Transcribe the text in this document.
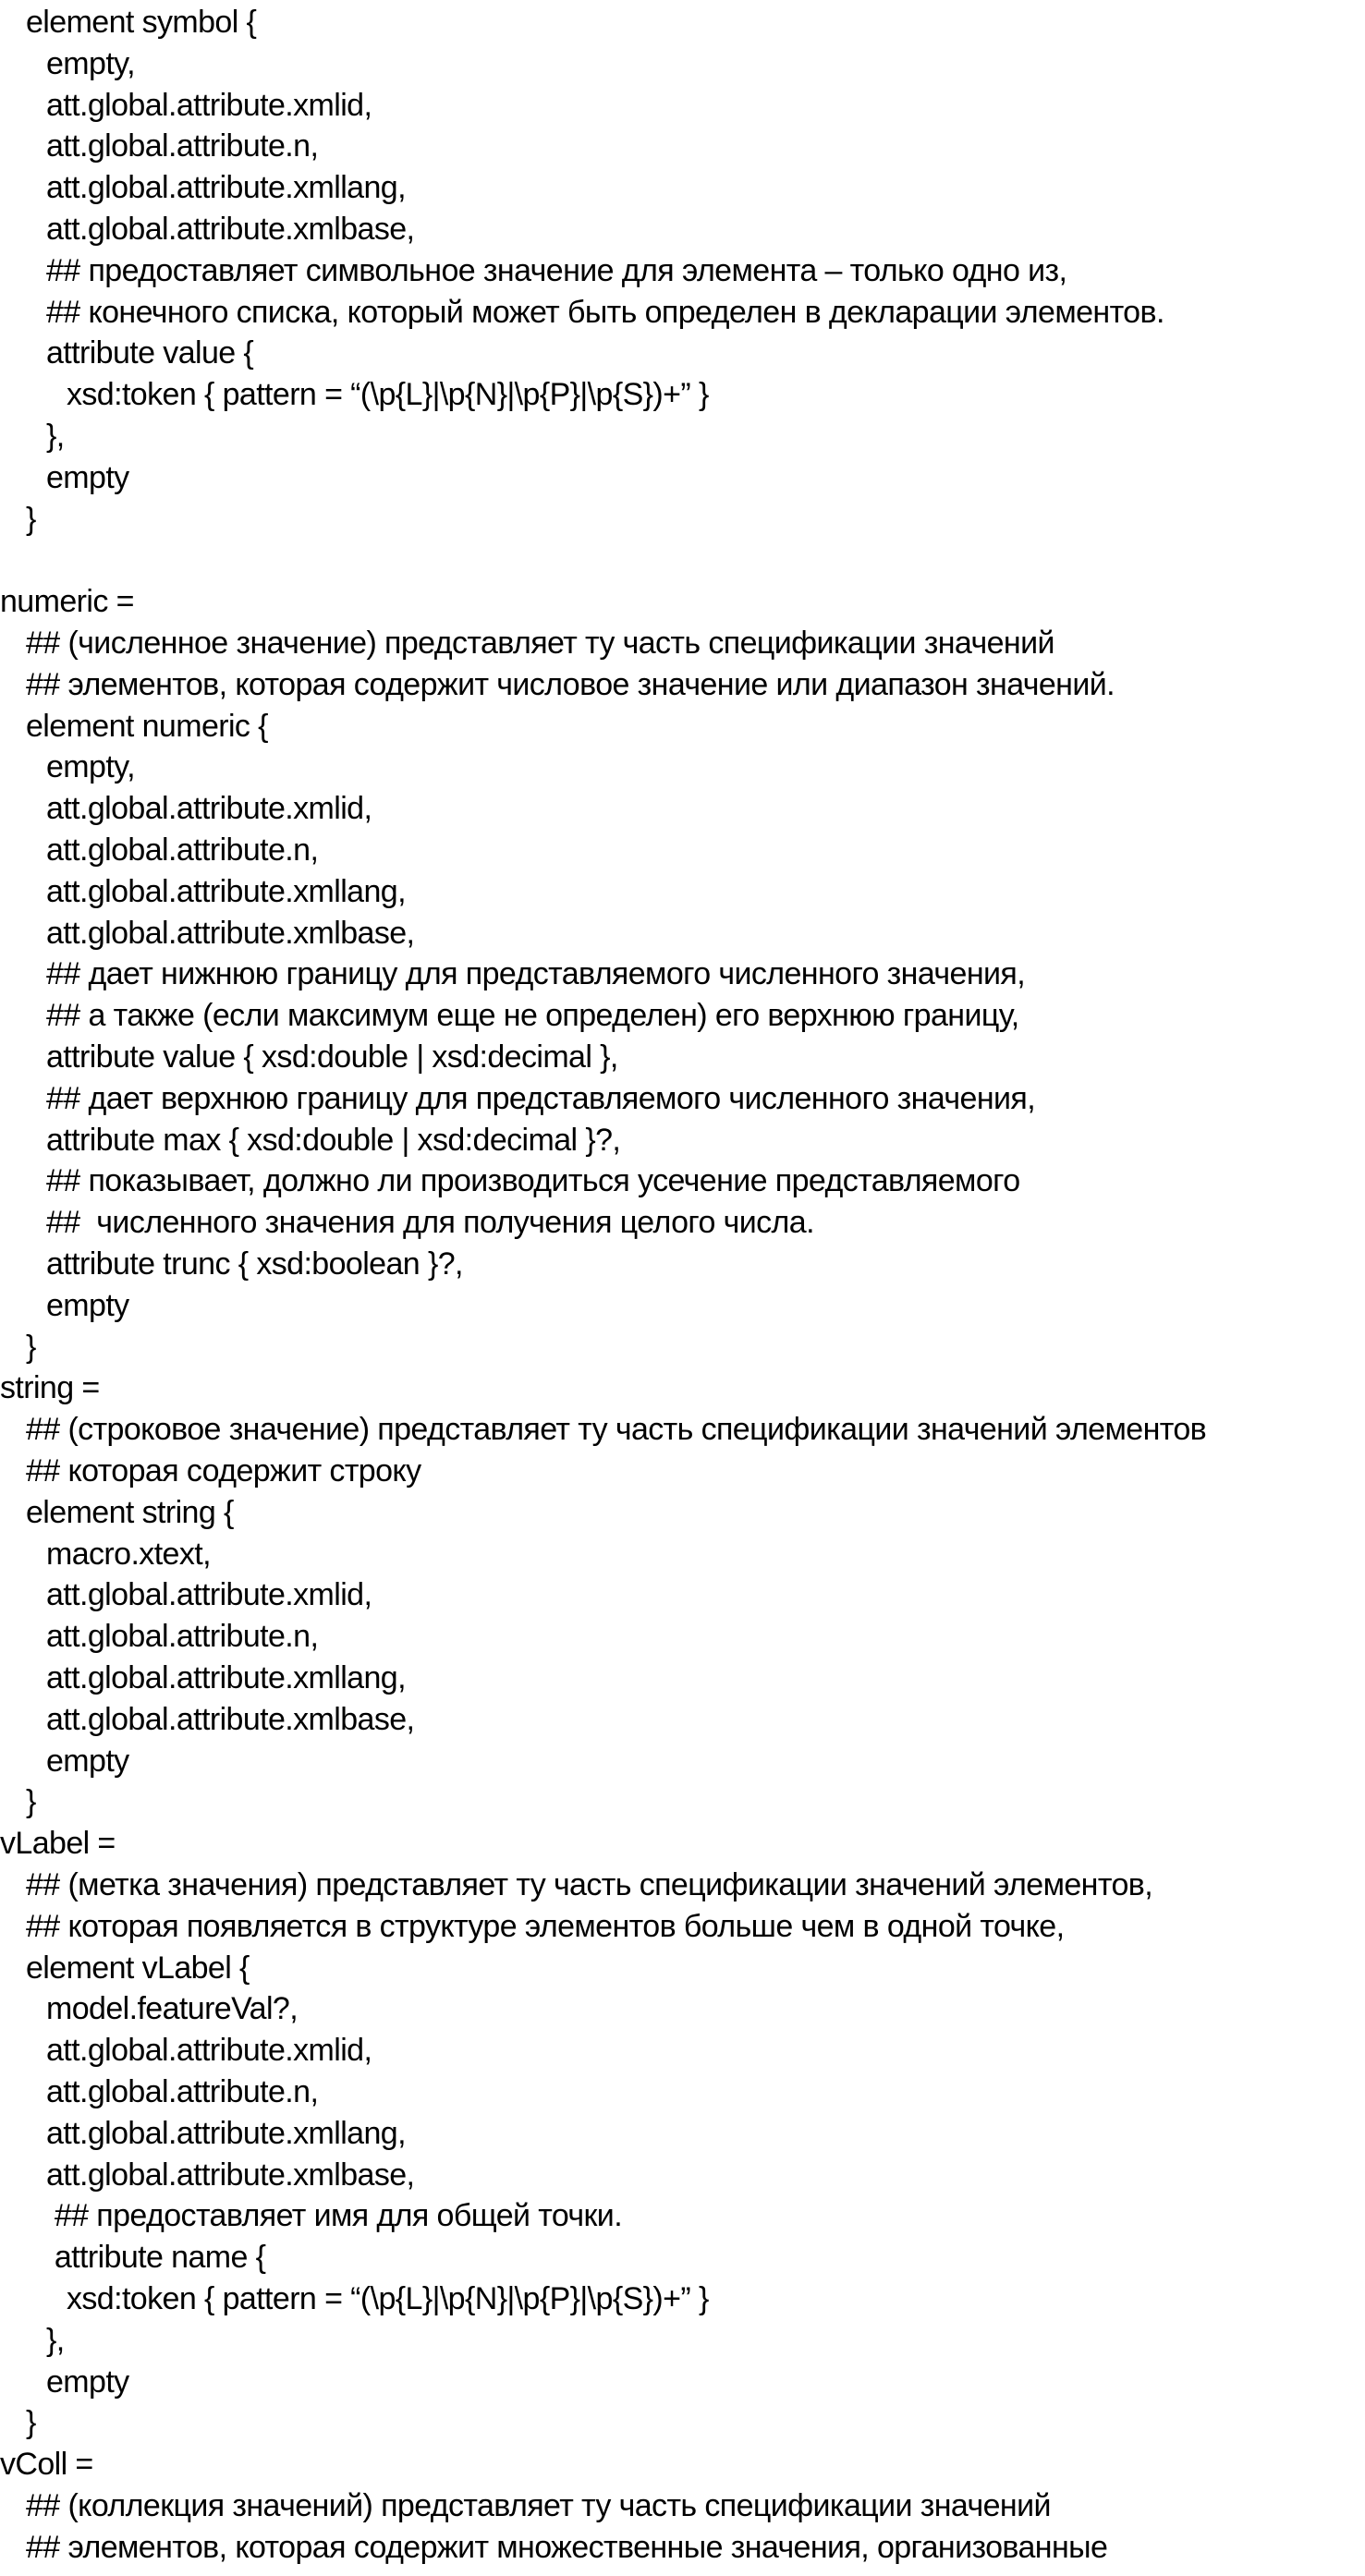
element symbol {
empty,
att.global.attribute.xmlid,
att.global.attribute.n,
att.global.attribute.xmllang,
att.global.attribute.xmlbase,
## предоставляет символьное значение для элемента – только одно из,
## конечного списка, который может быть определен в декларации элементов.
attribute value {
xsd:token { pattern = “(\p{L}|\p{N}|\p{P}|\p{S})+” }
},
empty
}
numeric =
## (численное значение) представляет ту часть спецификации значений
## элементов, которая содержит числовое значение или диапазон значений.
element numeric {
empty,
att.global.attribute.xmlid,
att.global.attribute.n,
att.global.attribute.xmllang,
att.global.attribute.xmlbase,
## дает нижнюю границу для представляемого численного значения,
## а также (если максимум еще не определен) его верхнюю границу,
attribute value { xsd:double | xsd:decimal },
## дает верхнюю границу для представляемого численного значения,
attribute max { xsd:double | xsd:decimal }?,
## показывает, должно ли производиться усечение представляемого
##  численного значения для получения целого числа.
attribute trunc { xsd:boolean }?,
empty
}
string =
## (строковое значение) представляет ту часть спецификации значений элементов
## которая содержит строку
element string {
macro.xtext,
att.global.attribute.xmlid,
att.global.attribute.n,
att.global.attribute.xmllang,
att.global.attribute.xmlbase,
empty
}
vLabel =
## (метка значения) представляет ту часть спецификации значений элементов,
## которая появляется в структуре элементов больше чем в одной точке,
element vLabel {
model.featureVal?,
att.global.attribute.xmlid,
att.global.attribute.n,
att.global.attribute.xmllang,
att.global.attribute.xmlbase,
## предоставляет имя для общей точки.
attribute name {
xsd:token { pattern = “(\p{L}|\p{N}|\p{P}|\p{S})+” }
},
empty
}
vColl =
## (коллекция значений) представляет ту часть спецификации значений
## элементов, которая содержит множественные значения, организованные
